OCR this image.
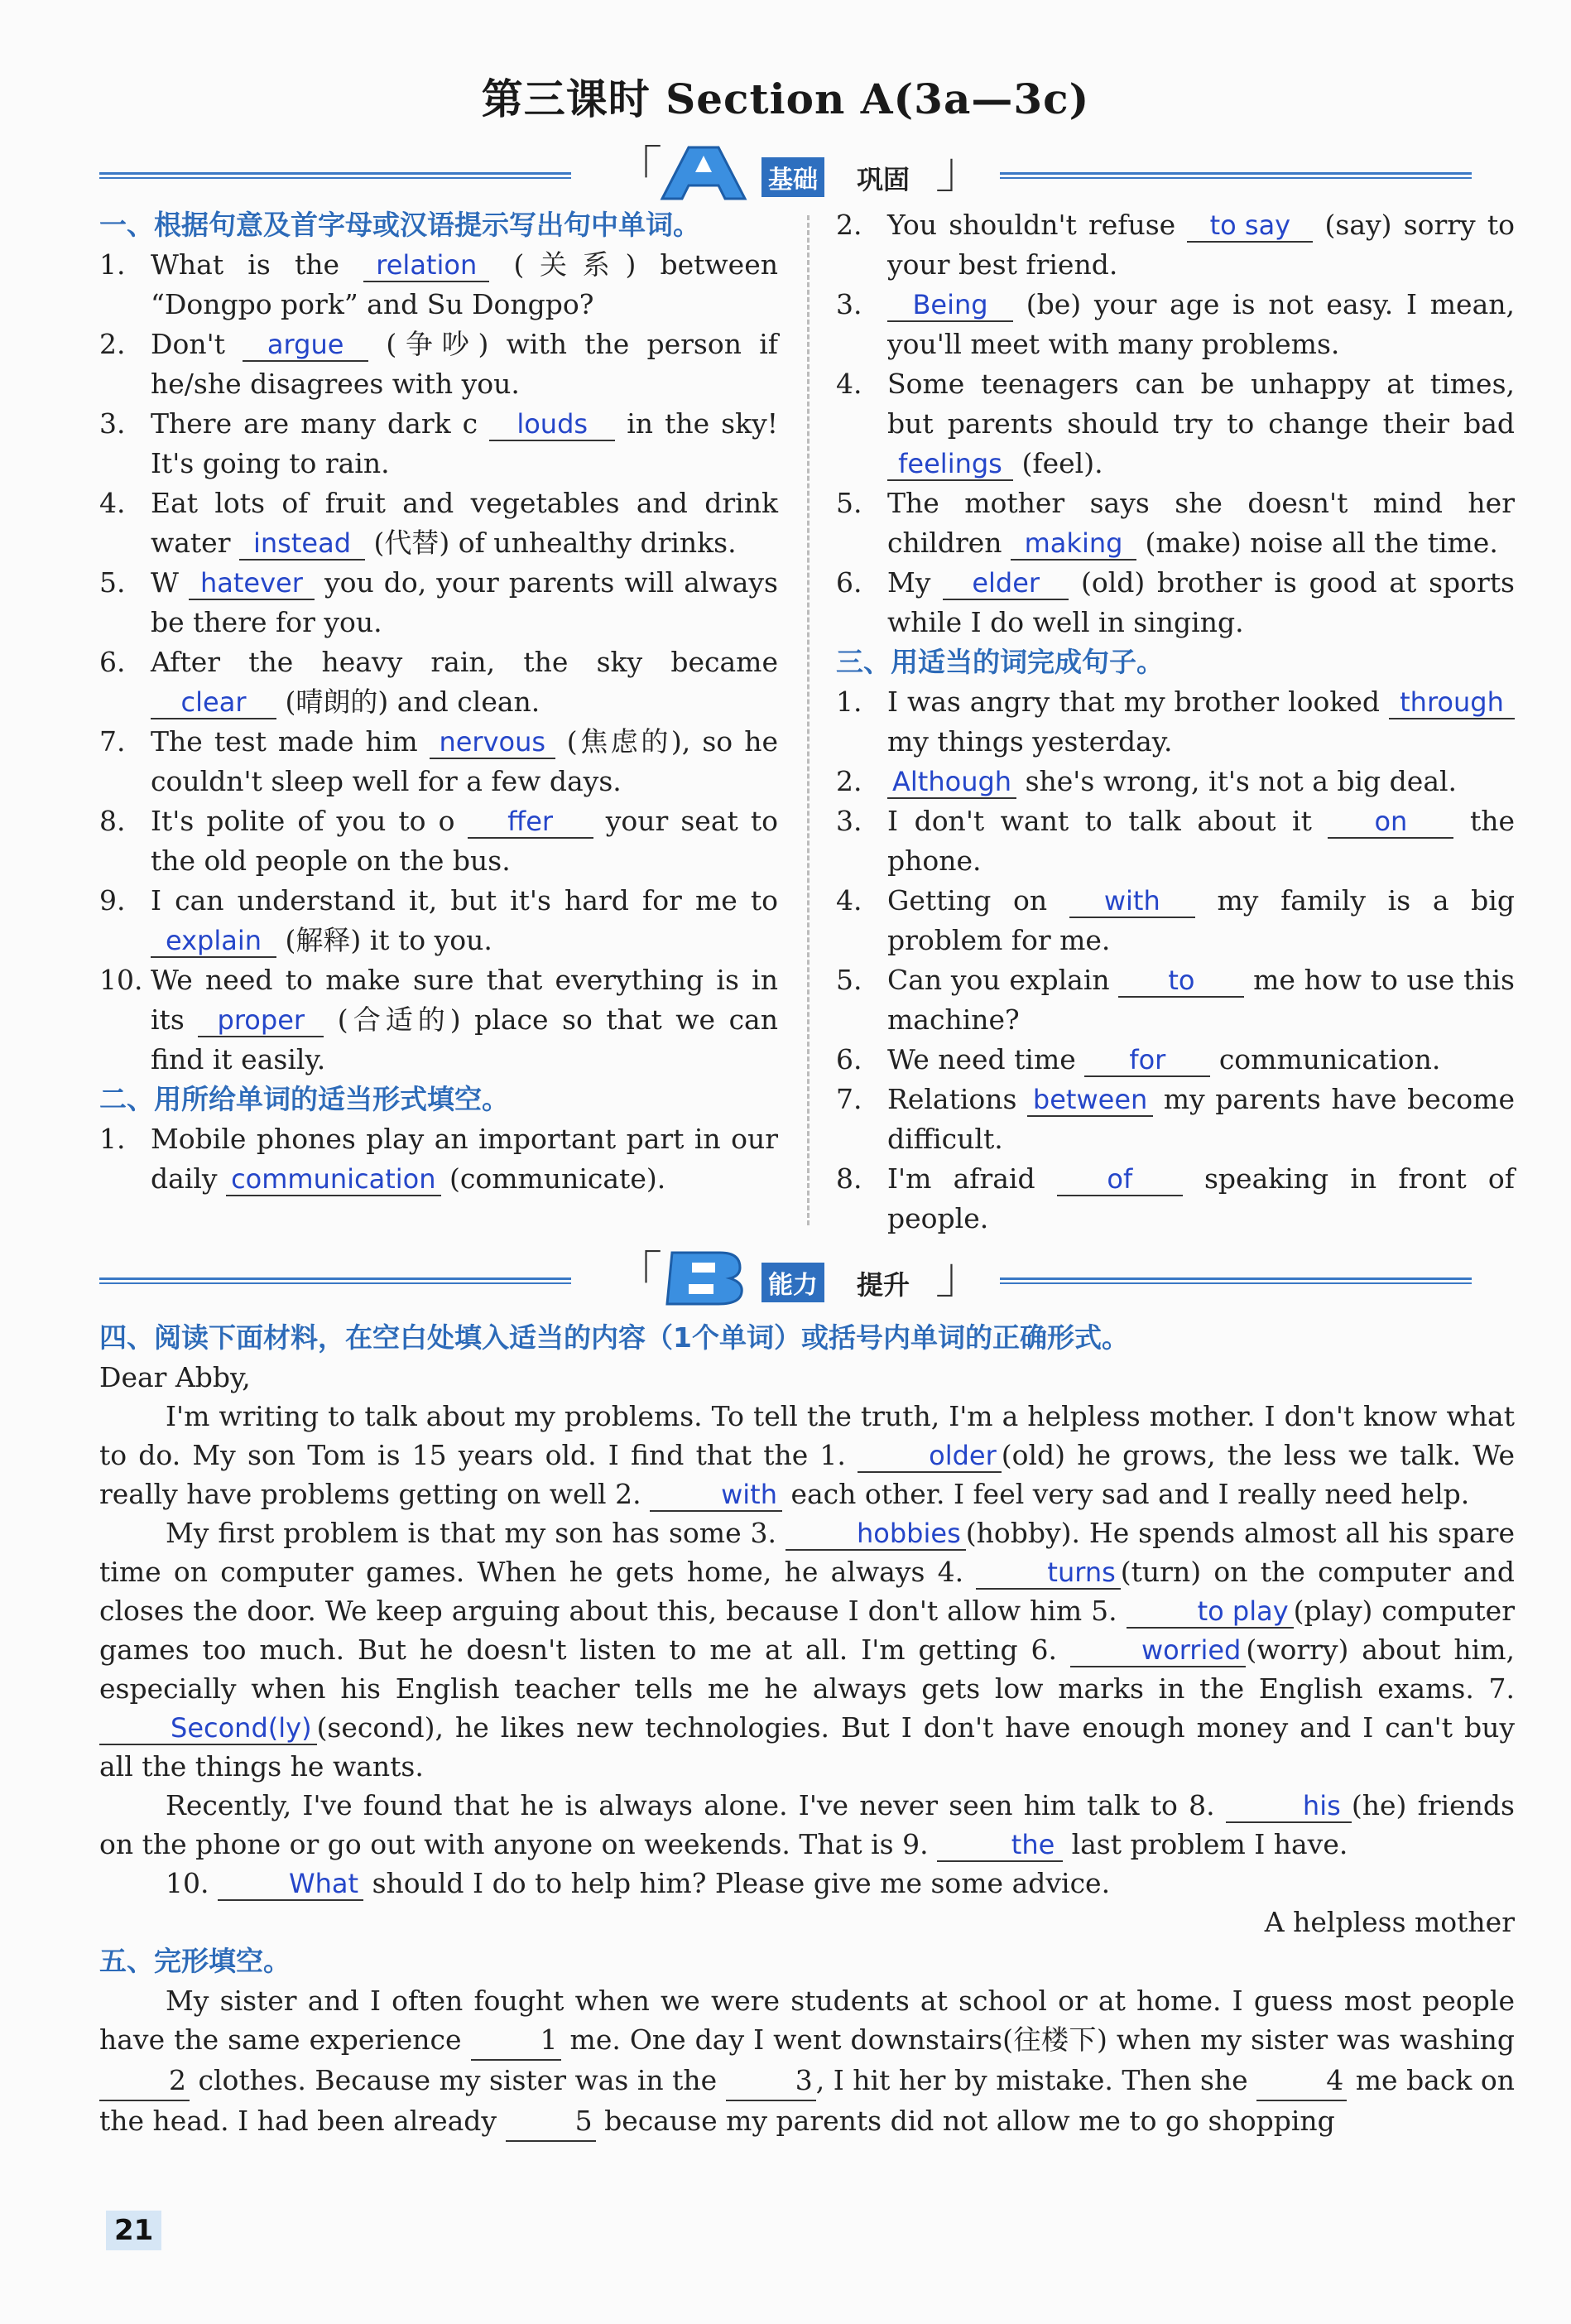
第三课时 Section A(3a—3c)
「	基础 巩固 」

一、根据句意及首字母或汉语提示写出句中单词。

1. What is the relation (关系) between “Dongpo pork” and Su Dongpo?
2. Don't argue (争吵) with the person if he/she disagrees with you.
3. There are many dark c louds in the sky! It's going to rain.
4. Eat lots of fruit and vegetables and drink water instead (代替) of unhealthy drinks.
5. W hatever you do, your parents will always be there for you.
6. After the heavy rain, the sky became clear (晴朗的) and clean.
7. The test made him nervous (焦虑的), so he couldn't sleep well for a few days.
8. It's polite of you to o ffer your seat to the old people on the bus.
9. I can understand it, but it's hard for me to explain (解释) it to you.
10. We need to make sure that everything is in its proper (合适的) place so that we can find it easily.

二、用所给单词的适当形式填空。

1. Mobile phones play an important part in our daily communication (communicate).
2. You shouldn't refuse to say (say) sorry to your best friend.
3.	Being (be) your age is not easy. I mean, you'll meet with many problems.
4. Some teenagers can be unhappy at times, but parents should try to change their bad feelings (feel).
5. The mother says she doesn't mind her children making (make) noise all the time.
6. My elder (old) brother is good at sports while I do well in singing.

三、用适当的词完成句子。

1. I was angry that my brother looked through my things yesterday.
2.	Although she's wrong, it's not a big deal.
3. I don't want to talk about it on the phone.
4. Getting on with my family is a big problem for me.
5. Can you explain to me how to use this machine?
6. We need time for communication.
7. Relations between my parents have become difficult.
8. I'm afraid	of	speaking in front of people.
「	能力 提升 」

四、阅读下面材料，在空白处填入适当的内容（1个单词）或括号内单词的正确形式。

Dear Abby,

I'm writing to talk about my problems. To tell the truth, I'm a helpless mother. I don't know what to do. My son Tom is 15 years old. I find that the 1.	older (old) he grows, the less we talk. We really have problems getting on well 2.	with each other. I feel very sad and I really need help.

My first problem is that my son has some 3.	hobbies (hobby). He spends almost all his spare time on computer games. When he gets home, he always 4.	turns (turn) on the computer and closes the door. We keep arguing about this, because I don't allow him 5.	to play (play) computer games too much. But he doesn't listen to me at all. I'm getting 6.	worried (worry) about him, especially when his English teacher tells me he always gets low marks in the English exams. 7. Second(ly) (second), he likes new technologies. But I don't have enough money and I can't buy all the things he wants.

Recently, I've found that he is always alone. I've never seen him talk to 8.	his (he) friends on the phone or go out with anyone on weekends. That is 9.	the last problem I have.

10.	What should I do to help him? Please give me some advice.

A helpless mother

五、完形填空。

My sister and I often fought when we were students at school or at home. I guess most people have the same experience	1 me. One day I went downstairs(往楼下) when my sister was washing 2 clothes. Because my sister was in the	3 , I hit her by mistake. Then she	4 me back on the head. I had been already	5 because my parents did not allow me to go shopping

21
